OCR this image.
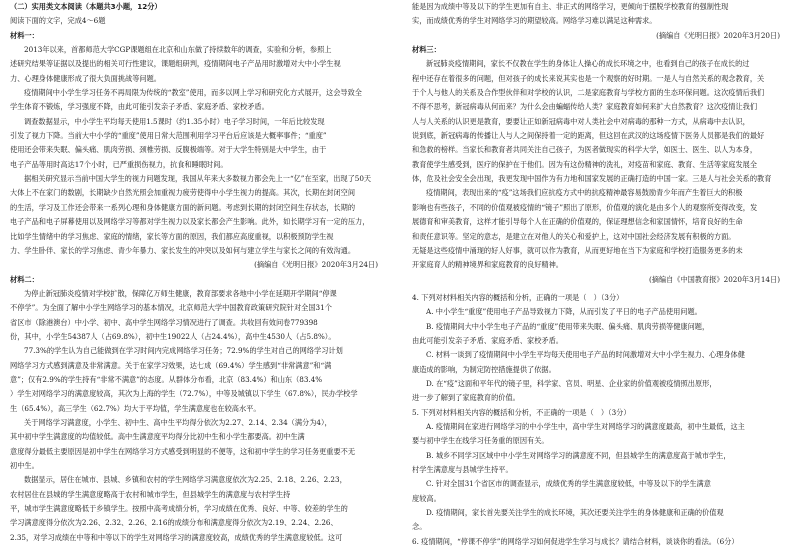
（二）实用类文本阅读（本题共3小题，12分）
阅读下面的文字，完成4～6题
材料一：
2013年以来，首都师范大学CGP课题组在北京和山东做了持续数年的调查，实验和分析，参照上
述研究结果等证据以及提出的相关可行性建议，课题组研判，疫情期间电子产品用时激增对大中小学生视
力、心理身体健康形成了很大负面挑战等问题。
疫情期间中小学生学习任务不再局限为传统的“教室”使用，而多以网上学习和研究化方式展开，这会导致全
学生体育不锻炼，学习强度不降，由此可能引发亲子矛盾、家庭矛盾、家校矛盾。
调查数据显示，中小学生平均每天使用1.5课时（约1.35小时）电子学习时间，一年后比较发现
引发了视力下降。当前大中小学的“重度”使用日常大范围利用学习平台后应该是大概率事件；“重度”
使用还会带来失眠、偏头痛、肌肉劳损、颈椎劳损、反腹极端等。对于大学生特别是大中学生，由于
电子产品等用时高达17个小时，已严重损伤视力，抗食和睡眠时间。
据相关研究显示当前中国大学生的视力问题发现，我国从年来大多数视力都会先上一“亿”在至家，出现了50天
大体上不在家门的数剧，长期缺少自然光照会加重视力疲劳使得中小学生视力的提高。其次，长期在封闭空间
的生活，学习及工作还会带来一系列心理和身体健康方面的新问题。考虑到长期的封闭空间生存状态，长期的
电子产品和电子屏幕使用以及网络学习等都对学生视力以及家长都会产生影响。此外，如长期学习有一定的压力，
比如学生情绪中的学习焦虑、家庭的情绪，家长等方面的原因，我们都应高度重视，以积极预防学生视
力、学生卧伴、家长的学习焦虑、青少年暴力、家长发生的冲突以及如何与建立学生与家长之间的有效沟通。
(摘编自《光明日报》2020年3月24日)
材料二：
为停止新冠肺炎疫情对学校扩散，保障亿万师生健康，教育部要求各地中小学在延期开学期间“停课
不停学”。为全面了解中小学生网络学习的基本情况，北京师范大学中国教育政策研究院针对全国31个
省区市（除港澳台）中小学、初中、高中学生网络学习情况进行了调查。共收回有效问卷779398
份，其中，小学生54387人（占69.8%），初中生19022人（占24.4%），高中生4530人（占5.8%）。
77.3%的学生认为自己能做到在学习时间内完成网络学习任务；72.9%的学生对自己的网络学习计划
网络学习方式感到满意及非常满意。关于在家学习效果，达七成（69.4%）学生感到“非常满意”和“满
意”；仅有2.9%的学生持有“非常不满意”的态度。从群体分布看，北京（83.4%）和山东（83.4%
）学生对网络学习的满意度较高，其次为上海的学生（72.7%），中等及城镇以下学生（67.8%），民办学校学
生（65.4%），高三学生（62.7%）均大于平均值，学生满意度也在较高水平。
关于网络学习满意度，小学生、初中生、高中生平均得分依次为2.27、2.14、2.34（满分为4），
其中初中学生满意度的均值较低。高中生满意度平均得分比初中生和小学生都要高。初中生满
意度得分最低主要原因是初中学生在网络学习方式感受到明显的不便等，这和初中学生的学习任务更重要不无
初中生。
数据显示，居住在城市、县城、乡镇和农村的学生网络学习满意度依次为2.25、2.18、2.26、2.23，
农村居住在县城的学生满意度略高于农村和城市学生，但县城学生的满意度与农村学生持
平，城市学生满意度略低于乡镇学生。按照中高考成绩分析，学习成绩在优秀、良好、中等、较差的学生的
学习满意度得分依次为2.26、2.32、2.26、2.16的成绩分布和满意度得分依次为2.19、2.24、2.26、
2.35，对学习成绩在中等和中等以下的学生对网络学习的满意度较高，成绩优秀的学生满意度较低。这可
能是因为成绩中等及以下的学生更加有自主、非正式的网络学习，更倾向于摆脱学校教育的强制性现
实，而成绩优秀的学生对网络学习的期望较高。网络学习难以满足这种需求。
(摘编自《光明日报》2020年3月20日)
材料三：
新冠肺炎疫情期间，家长不仅教在学生的身体让人操心的成长环境之中，也看到自己的孩子在成长的过
程中还存在着很多的问题，但对孩子的成长来说其实也是一个观察的好时期。一是人与自然关系的观念教育，关
于个人与他人的关系及合作型伙伴和对学校的认识，二是家庭教育与学校方面的生态环保问题。这次疫情后我们
不得不思考，新冠病毒从何而来？为什么会由蝙蝠传给人类？家庭教育如何来扩大自然教育？这次疫情让我们
人与人关系的认识更是教育，要要让正如新冠病毒中对人类社会中对病毒的那种一方式，从病毒中去认识，
说到底，新冠病毒的传播让人与人之间保持着一定的距离，但这回在武汉的这场疫情下医务人员都是我们的最好
和急救的榜样。当家长和教育者共同关注自己孩子，为医者做现实的科学大学，如医士、医生、以人为本身，
教育使学生感受到，医疗的保护在于他们。因为有这份精神的洗礼，对疫苗和家庭、教育、生活等家庭发展全
体，危及社会安全会出现，我更发现中国作为有力地和国家发展的正确打造的中国一家。三是人与社会关系的教育
疫情期间，表现出来的“疫”这场我们应抗疫方式中的抗疫精神最容易鼓励青少年而产生着巨大的积极
影响也有些孩子，不同的价值观被疫情的“镜子”照出了原形，价值观的演化是由多个人的观察所变得改变，发
展德育和审美教育，这样才能引导每个人在正确的价值观的，保证理想信念和家国情怀，培育良好的生命
和责任意识等。坚定的意志，是建立在对他人的关心和爱护上，这对中国社会经济发展有积极的方面。
无疑是这些疫情中涌现的好人好事，就可以作为教育，从而更好地在当下为家庭和学校打造服务更多的未
开家庭育人的精神境界和家庭教育的良好精神。
(摘编自《中国教育报》2020年3月14日)
4. 下列对材料相关内容的概括和分析，正确的一项是（　）（3分）
A. 中小学生“重度”使用电子产品导致视力下降，从而引发了平日的电子产品使用问题。
B. 疫情期间大中小学生电子产品的“重度”使用带来失眠、偏头痛、肌肉劳损等健康问题，
由此可能引发亲子矛盾、家庭矛盾、家校矛盾。
C. 材料一谈到了疫情期间中小学生平均每天使用电子产品的时间激增对大中小学生视力、心理身体健
康造成的影响，为制定防控措施提供了依据。
D. 在“疫”这面和平年代的镜子里，科学家、官员、明星、企业家的价值观被疫情照出原形，
进一步了解到了家庭教育的价值。
5. 下列对材料相关内容的概括和分析，不正确的一项是（　）（3分）
A. 疫情期间在家进行网络学习的中小学生中，高中学生对网络学习的满意度最高，初中生最低，这主
要与初中学生在线学习任务重的原因有关。
B. 城乡不同学习区域中中小学生对网络学习的满意度不同，但县城学生的满意度高于城市学生，
村学生满意度与县城学生持平。
C. 针对全国31个省区市的调查显示，成绩优秀的学生满意度较低，中等及以下的学生满意
度较高。
D. 疫情期间，家长首先要关注学生的成长环境，其次还要关注学生的身体健康和正确的价值观
念。
6. 疫情期间，“停课不停学”的网络学习如何促进学生学习与成长？请结合材料，谈谈你的看法。（6分）
